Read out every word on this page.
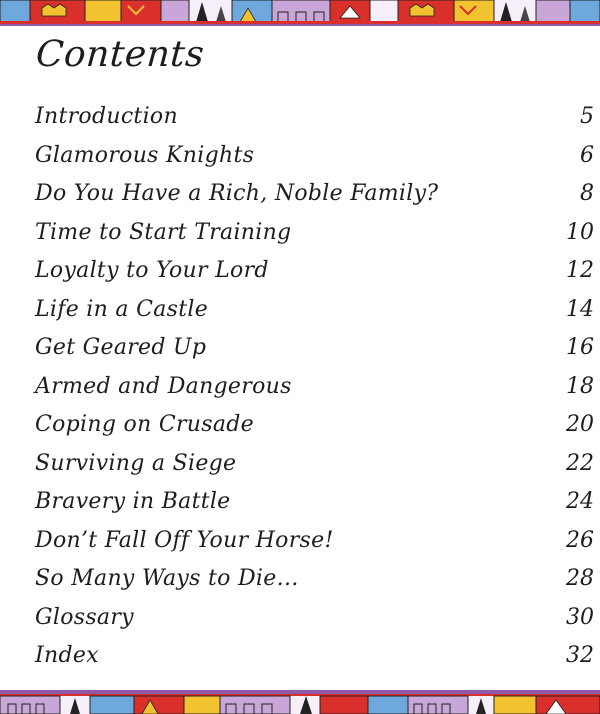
Contents
Introduction	5
Glamorous Knights	6
Do You Have a Rich, Noble Family?	8
Time to Start Training	10
Loyalty to Your Lord	12
Life in a Castle	14
Get Geared Up	16
Armed and Dangerous	18
Coping on Crusade	20
Surviving a Siege	22
Bravery in Battle	24
Don’t Fall Off Your Horse!	26
So Many Ways to Die…	28
Glossary	30
Index	32
